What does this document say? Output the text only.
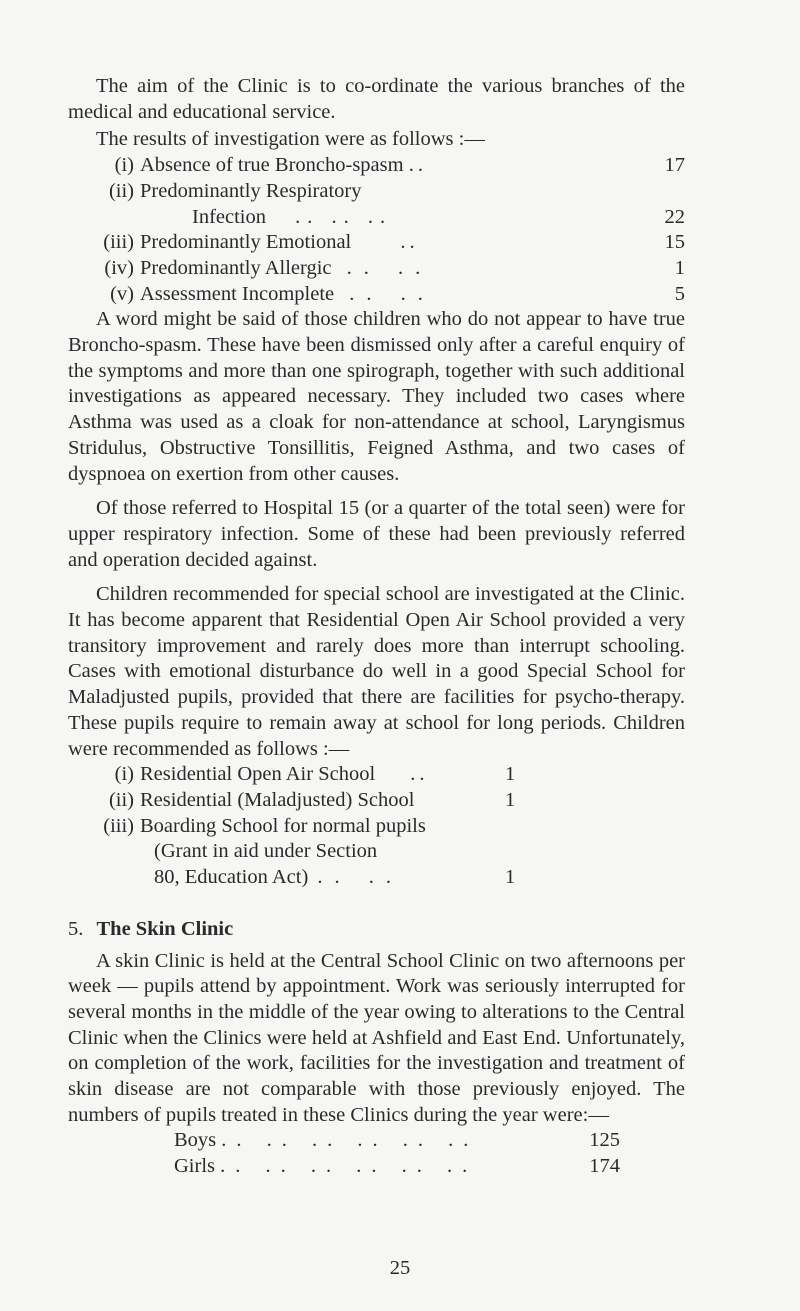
The aim of the Clinic is to co-ordinate the various branches of the medical and educational service.

The results of investigation were as follows :—

(i) Absence of true Broncho-spasm ..	17
(ii) Predominantly Respiratory
Infection .. .. ..	22
(iii) Predominantly Emotional ..	15
(iv) Predominantly Allergic .. ..	1
(v) Assessment Incomplete .. ..	5

A word might be said of those children who do not appear to have true Broncho-spasm. These have been dismissed only after a careful enquiry of the symptoms and more than one spirograph, together with such additional investigations as appeared necessary. They included two cases where Asthma was used as a cloak for non-attendance at school, Laryngismus Stridulus, Obstructive Tonsillitis, Feigned Asthma, and two cases of dyspnoea on exertion from other causes.

Of those referred to Hospital 15 (or a quarter of the total seen) were for upper respiratory infection. Some of these had been previously referred and operation decided against.

Children recommended for special school are investigated at the Clinic. It has become apparent that Residential Open Air School provided a very transitory improvement and rarely does more than interrupt schooling. Cases with emotional disturbance do well in a good Special School for Maladjusted pupils, provided that there are facilities for psycho-therapy. These pupils require to remain away at school for long periods. Children were recommended as follows :—

(i) Residential Open Air School ..	1
(ii) Residential (Maladjusted) School	1
(iii) Boarding School for normal pupils
(Grant in aid under Section
80, Education Act) .. ..	1
5. The Skin Clinic

A skin Clinic is held at the Central School Clinic on two afternoons per week — pupils attend by appointment. Work was seriously interrupted for several months in the middle of the year owing to alterations to the Central Clinic when the Clinics were held at Ashfield and East End. Unfortunately, on completion of the work, facilities for the investigation and treatment of skin disease are not comparable with those previously enjoyed. The numbers of pupils treated in these Clinics during the year were:—

Boys .. .. .. .. .. ..	125
Girls .. .. .. .. .. ..	174
25
